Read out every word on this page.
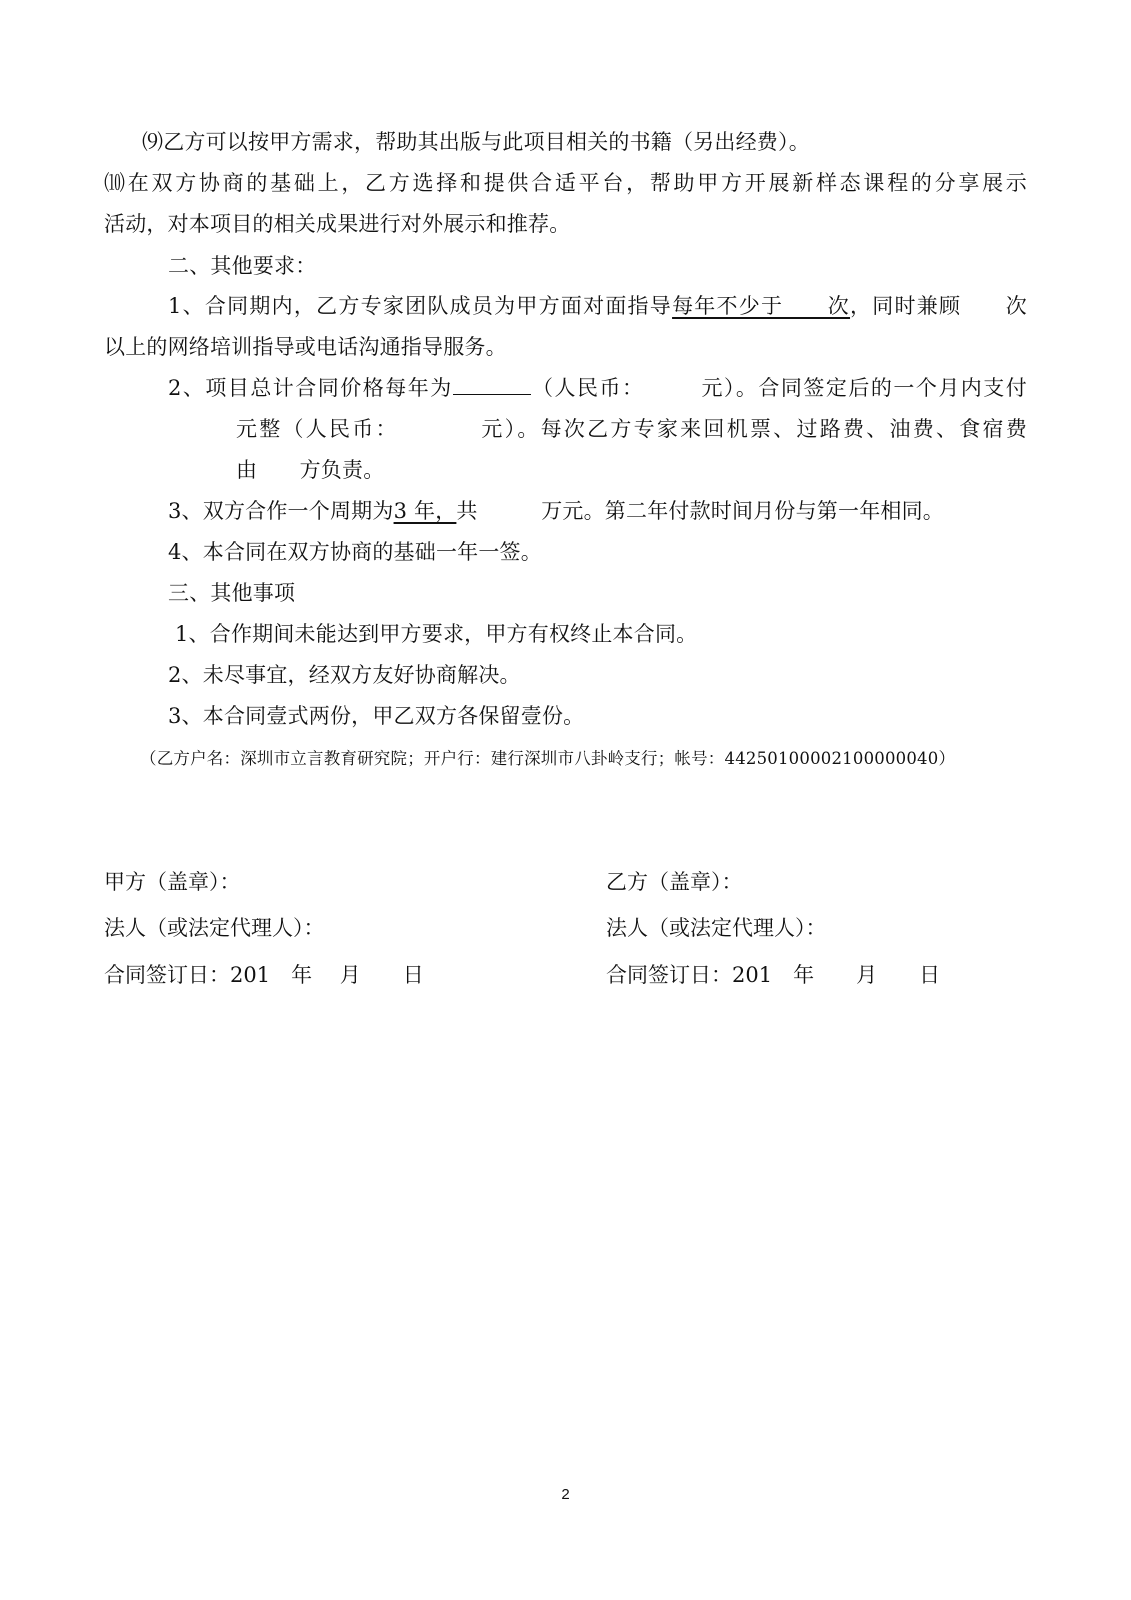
⑼乙方可以按甲方需求，帮助其出版与此项目相关的书籍（另出经费）。
⑽在双方协商的基础上，乙方选择和提供合适平台，帮助甲方开展新样态课程的分享展示
活动，对本项目的相关成果进行对外展示和推荐。
二、其他要求：
1、合同期内，乙方专家团队成员为甲方面对面指导每年不少于　　次，同时兼顾　　次
以上的网络培训指导或电话沟通指导服务。
2、项目总计合同价格每年为	（人民币：　　　元）。合同签定后的一个月内支付
元整（人民币：　　　　元）。每次乙方专家来回机票、过路费、油费、食宿费
由　　方负责。
3、双方合作一个周期为3 年，共　　　万元。第二年付款时间月份与第一年相同。
4、本合同在双方协商的基础一年一签。
三、其他事项
1、合作期间未能达到甲方要求，甲方有权终止本合同。
2、未尽事宜，经双方友好协商解决。
3、本合同壹式两份，甲乙双方各保留壹份。
（乙方户名：深圳市立言教育研究院；开户行：建行深圳市八卦岭支行；帐号：44250100002100000040）
甲方（盖章）：
法人（或法定代理人）：
合同签订日：201　年　 月　　日
乙方（盖章）：
法人（或法定代理人）：
合同签订日：201　年　　月　　日
2
